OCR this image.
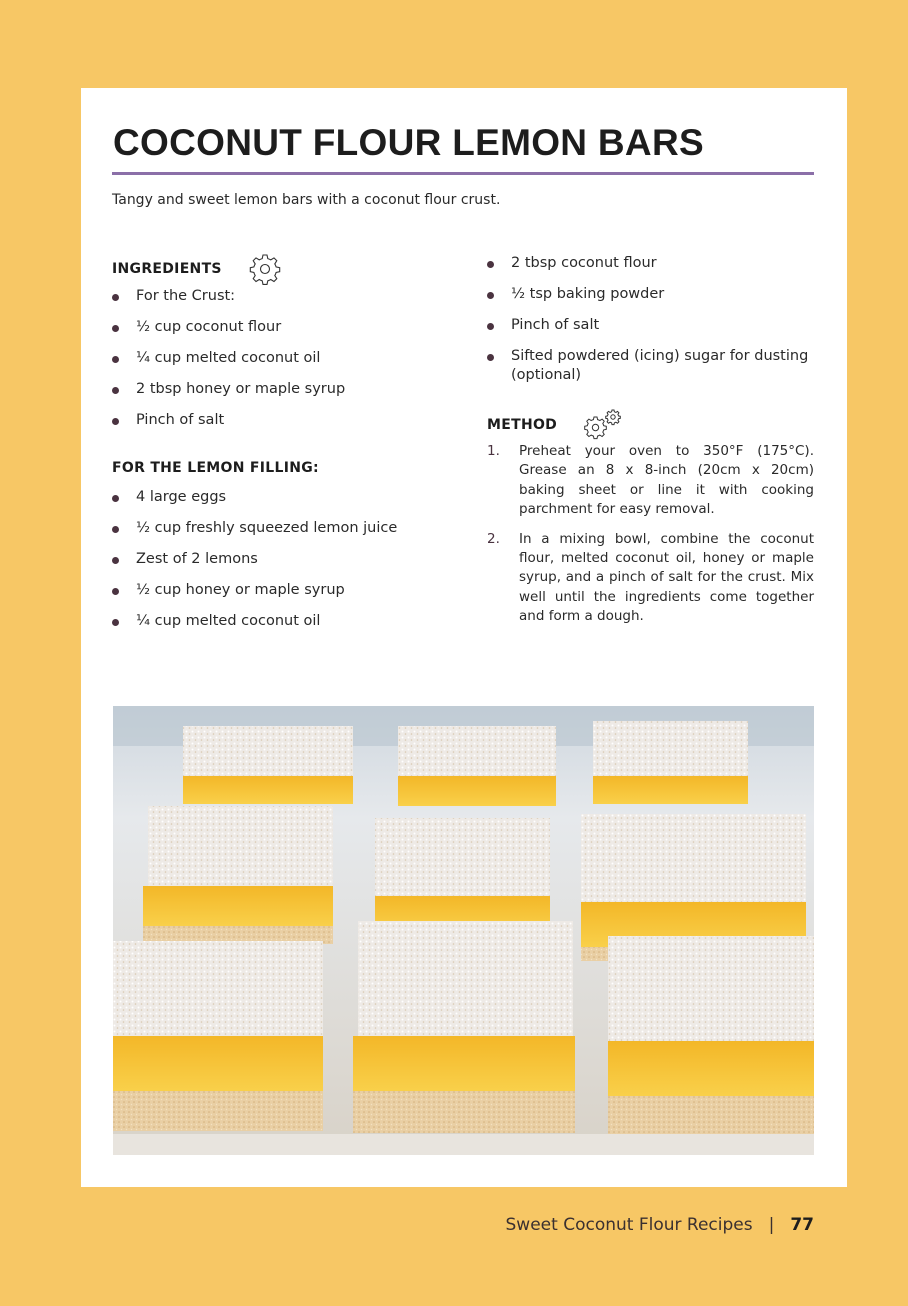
COCONUT FLOUR LEMON BARS
Tangy and sweet lemon bars with a coconut flour crust.
INGREDIENTS
For the Crust:
½ cup coconut flour
¼ cup melted coconut oil
2 tbsp honey or maple syrup
Pinch of salt
FOR THE LEMON FILLING:
4 large eggs
½ cup freshly squeezed lemon juice
Zest of 2 lemons
½ cup honey or maple syrup
¼ cup melted coconut oil
2 tbsp coconut flour
½ tsp baking powder
Pinch of salt
Sifted powdered (icing) sugar for dusting (optional)
METHOD
1. Preheat your oven to 350°F (175°C). Grease an 8 x 8-inch (20cm x 20cm) baking sheet or line it with cooking parchment for easy removal.
2. In a mixing bowl, combine the coconut flour, melted coconut oil, honey or maple syrup, and a pinch of salt for the crust. Mix well until the ingredients come together and form a dough.
Sweet Coconut Flour Recipes | 77
